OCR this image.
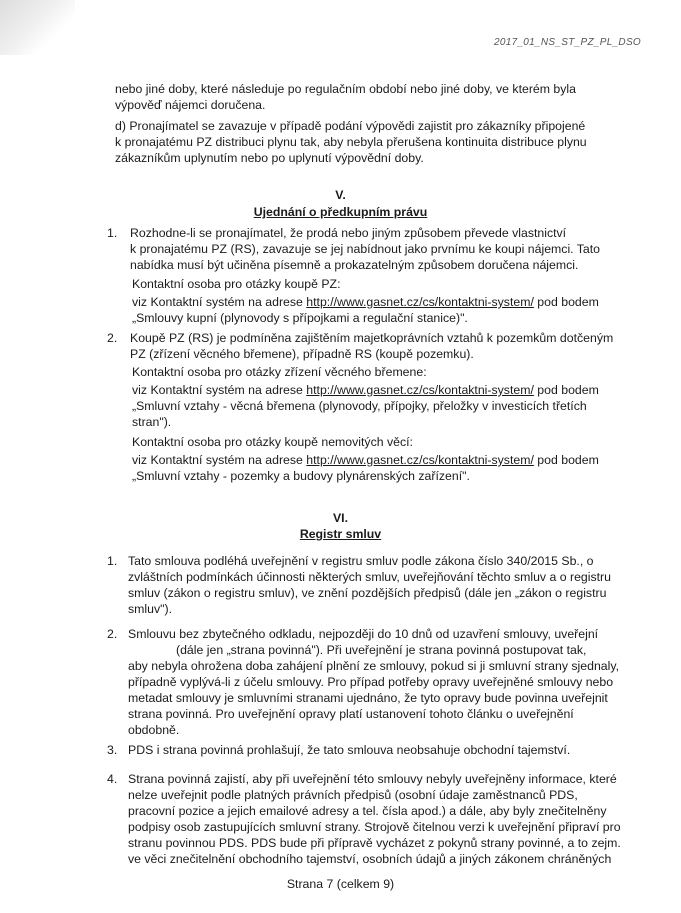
2017_01_NS_ST_PZ_PL_DSO
nebo jiné doby, které následuje po regulačním období nebo jiné doby, ve kterém byla
výpověď nájemci doručena.
d) Pronajímatel se zavazuje v případě podání výpovědi zajistit pro zákazníky připojené
k pronajatému PZ distribuci plynu tak, aby nebyla přerušena kontinuita distribuce plynu
zákazníkům uplynutím nebo po uplynutí výpovědní doby.
V.
Ujednání o předkupním právu
1. Rozhodne-li se pronajímatel, že prodá nebo jiným způsobem převede vlastnictví
k pronajatému PZ (RS), zavazuje se jej nabídnout jako prvnímu ke koupi nájemci. Tato
nabídka musí být učiněna písemně a prokazatelným způsobem doručena nájemci.
Kontaktní osoba pro otázky koupě PZ:
viz Kontaktní systém na adrese http://www.gasnet.cz/cs/kontaktni-system/ pod bodem
„Smlouvy kupní (plynovody s přípojkami a regulační stanice)".
2. Koupě PZ (RS) je podmíněna zajištěním majetkoprávních vztahů k pozemkům dotčeným
PZ (zřízení věcného břemene), případně RS (koupě pozemku).
Kontaktní osoba pro otázky zřízení věcného břemene:
viz Kontaktní systém na adrese http://www.gasnet.cz/cs/kontaktni-system/ pod bodem
„Smluvní vztahy - věcná břemena (plynovody, přípojky, přeložky v investicích třetích
stran").
Kontaktní osoba pro otázky koupě nemovitých věcí:
viz Kontaktní systém na adrese http://www.gasnet.cz/cs/kontaktni-system/ pod bodem
„Smluvní vztahy - pozemky a budovy plynárenských zařízení".
VI.
Registr smluv
1. Tato smlouva podléhá uveřejnění v registru smluv podle zákona číslo 340/2015 Sb., o
zvláštních podmínkách účinnosti některých smluv, uveřejňování těchto smluv a o registru
smluv (zákon o registru smluv), ve znění pozdějších předpisů (dále jen „zákon o registru
smluv").
2. Smlouvu bez zbytečného odkladu, nejpozději do 10 dnů od uzavření smlouvy, uveřejní
(dále jen „strana povinná"). Při uveřejnění je strana povinná postupovat tak,
aby nebyla ohrožena doba zahájení plnění ze smlouvy, pokud si ji smluvní strany sjednaly,
případně vyplývá-li z účelu smlouvy. Pro případ potřeby opravy uveřejněné smlouvy nebo
metadat smlouvy je smluvními stranami ujednáno, že tyto opravy bude povinna uveřejnit
strana povinná. Pro uveřejnění opravy platí ustanovení tohoto článku o uveřejnění
obdobně.
3. PDS i strana povinná prohlašují, že tato smlouva neobsahuje obchodní tajemství.
4. Strana povinná zajistí, aby při uveřejnění této smlouvy nebyly uveřejněny informace, které
nelze uveřejnit podle platných právních předpisů (osobní údaje zaměstnanců PDS,
pracovní pozice a jejich emailové adresy a tel. čísla apod.) a dále, aby byly znečitelněny
podpisy osob zastupujících smluvní strany. Strojově čitelnou verzi k uveřejnění připraví pro
stranu povinnou PDS. PDS bude při přípravě vycházet z pokynů strany povinné, a to zejm.
ve věci znečitelnění obchodního tajemství, osobních údajů a jiných zákonem chráněných
Strana 7 (celkem 9)
